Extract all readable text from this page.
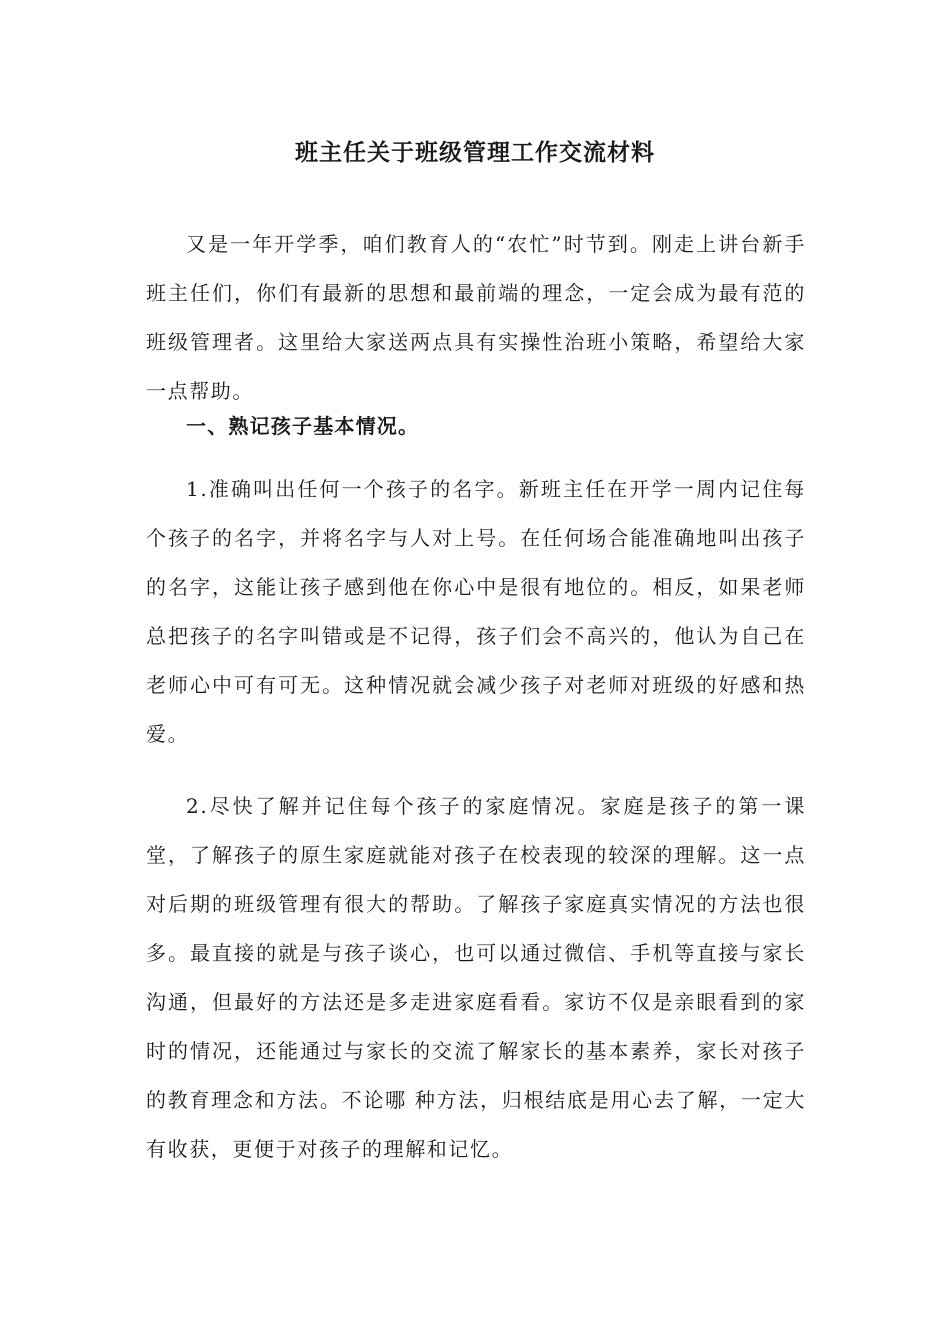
班主任关于班级管理工作交流材料

又是一年开学季，咱们教育人的“农忙”时节到。刚走上讲台新手班主任们，你们有最新的思想和最前端的理念，一定会成为最有范的班级管理者。这里给大家送两点具有实操性治班小策略，希望给大家一点帮助。

一、熟记孩子基本情况。

1.准确叫出任何一个孩子的名字。新班主任在开学一周内记住每个孩子的名字，并将名字与人对上号。在任何场合能准确地叫出孩子的名字，这能让孩子感到他在你心中是很有地位的。相反，如果老师总把孩子的名字叫错或是不记得，孩子们会不高兴的，他认为自己在老师心中可有可无。这种情况就会减少孩子对老师对班级的好感和热爱。

2.尽快了解并记住每个孩子的家庭情况。家庭是孩子的第一课堂，了解孩子的原生家庭就能对孩子在校表现的较深的理解。这一点对后期的班级管理有很大的帮助。了解孩子家庭真实情况的方法也很多。最直接的就是与孩子谈心，也可以通过微信、手机等直接与家长沟通，但最好的方法还是多走进家庭看看。家访不仅是亲眼看到的家时的情况，还能通过与家长的交流了解家长的基本素养，家长对孩子的教育理念和方法。不论哪 种方法，归根结底是用心去了解，一定大有收获，更便于对孩子的理解和记忆。
